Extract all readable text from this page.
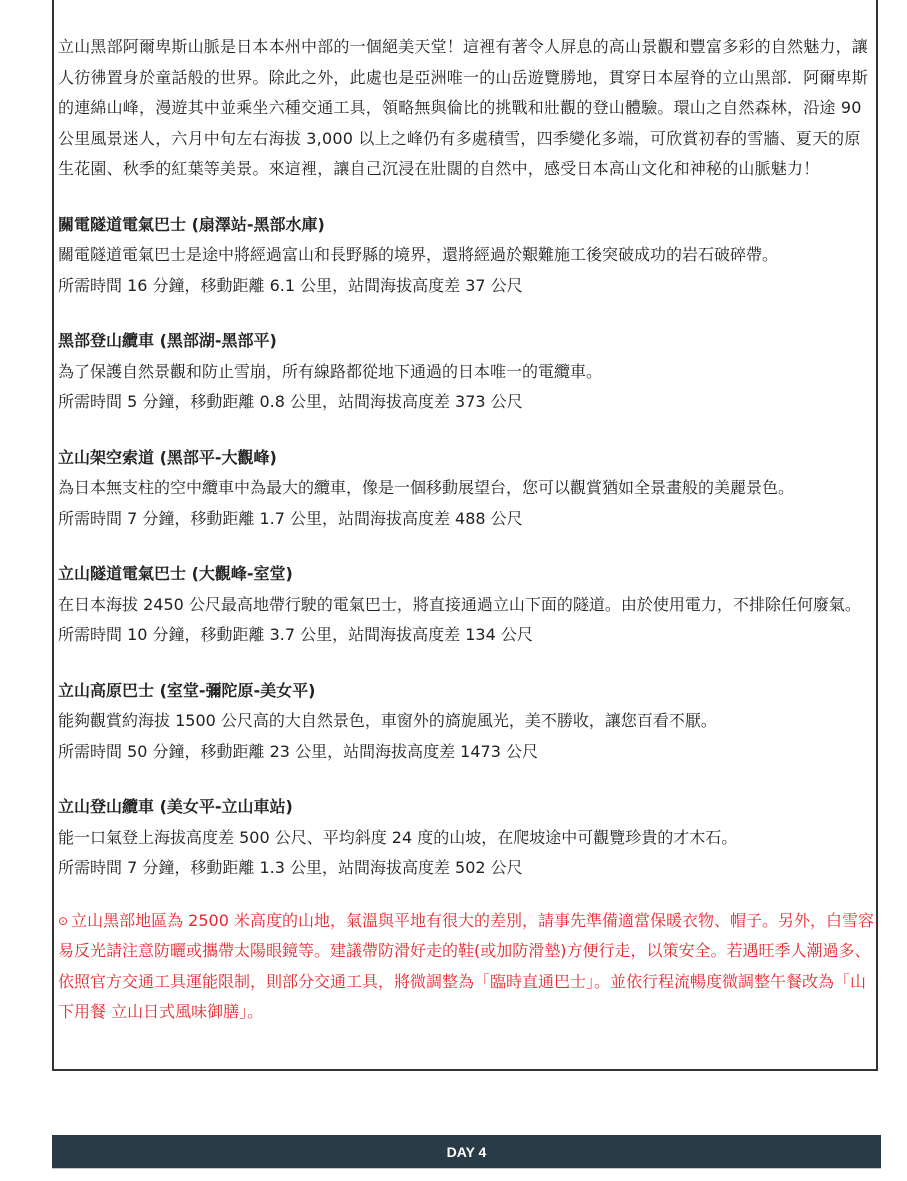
立山黑部阿爾卑斯山脈是日本本州中部的一個絕美天堂！這裡有著令人屏息的高山景觀和豐富多彩的自然魅力，讓人彷彿置身於童話般的世界。除此之外，此處也是亞洲唯一的山岳遊覽勝地，貫穿日本屋脊的立山黑部．阿爾卑斯的連綿山峰，漫遊其中並乘坐六種交通工具，領略無與倫比的挑戰和壯觀的登山體驗。環山之自然森林，沿途 90 公里風景迷人，六月中旬左右海拔 3,000 以上之峰仍有多處積雪，四季變化多端，可欣賞初春的雪牆、夏天的原生花園、秋季的紅葉等美景。來這裡，讓自己沉浸在壯闊的自然中，感受日本高山文化和神秘的山脈魅力！

關電隧道電氣巴士 (扇澤站-黑部水庫)

關電隧道電氣巴士是途中將經過富山和長野縣的境界，還將經過於艱難施工後突破成功的岩石破碎帶。

所需時間 16 分鐘，移動距離 6.1 公里，站間海拔高度差 37 公尺

黑部登山纜車 (黑部湖-黑部平)

為了保護自然景觀和防止雪崩，所有線路都從地下通過的日本唯一的電纜車。

所需時間 5 分鐘，移動距離 0.8 公里，站間海拔高度差 373 公尺

立山架空索道 (黑部平-大觀峰)

為日本無支柱的空中纜車中為最大的纜車，像是一個移動展望台，您可以觀賞猶如全景畫般的美麗景色。

所需時間 7 分鐘，移動距離 1.7 公里，站間海拔高度差 488 公尺

立山隧道電氣巴士 (大觀峰-室堂)

在日本海拔 2450 公尺最高地帶行駛的電氣巴士，將直接通過立山下面的隧道。由於使用電力，不排除任何廢氣。

所需時間 10 分鐘，移動距離 3.7 公里，站間海拔高度差 134 公尺

立山高原巴士 (室堂-彌陀原-美女平)

能夠觀賞約海拔 1500 公尺高的大自然景色，車窗外的旖旎風光，美不勝收，讓您百看不厭。

所需時間 50 分鐘，移動距離 23 公里，站間海拔高度差 1473 公尺

立山登山纜車 (美女平-立山車站)

能一口氣登上海拔高度差 500 公尺、平均斜度 24 度的山坡，在爬坡途中可觀覽珍貴的才木石。

所需時間 7 分鐘，移動距離 1.3 公里，站間海拔高度差 502 公尺

⊙ 立山黑部地區為 2500 米高度的山地，氣溫與平地有很大的差別，請事先準備適當保暖衣物、帽子。另外，白雪容易反光請注意防曬或攜帶太陽眼鏡等。建議帶防滑好走的鞋(或加防滑墊)方便行走，以策安全。若遇旺季人潮過多、依照官方交通工具運能限制，則部分交通工具，將微調整為「臨時直通巴士」。並依行程流暢度微調整午餐改為「山下用餐 立山日式風味御膳」。

DAY 4
